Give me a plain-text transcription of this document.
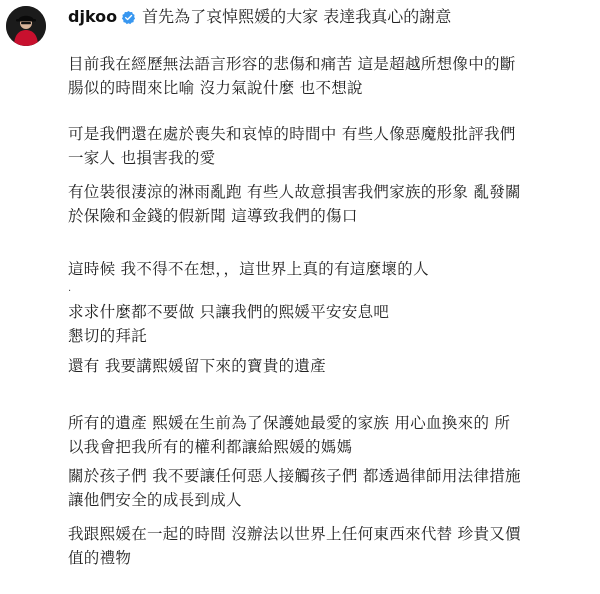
djkoo 首先為了哀悼熙媛的大家 表達我真心的謝意

目前我在經歷無法語言形容的悲傷和痛苦 這是超越所想像中的斷
腸似的時間來比喻 沒力氣說什麼 也不想說

可是我們還在處於喪失和哀悼的時間中 有些人像惡魔般批評我們
一家人 也損害我的愛

有位裝很淒涼的淋雨亂跑 有些人故意損害我們家族的形象 亂發關
於保險和金錢的假新聞 這導致我們的傷口

這時候 我不得不在想，，這世界上真的有這麼壞的人

.

求求什麼都不要做 只讓我們的熙媛平安安息吧
懇切的拜託

還有 我要講熙媛留下來的寶貴的遺產

所有的遺產 熙媛在生前為了保護她最愛的家族 用心血換來的 所
以我會把我所有的權利都讓給熙媛的媽媽

關於孩子們 我不要讓任何惡人接觸孩子們 都透過律師用法律措施
讓他們安全的成長到成人

我跟熙媛在一起的時間 沒辦法以世界上任何東西來代替 珍貴又價
值的禮物
